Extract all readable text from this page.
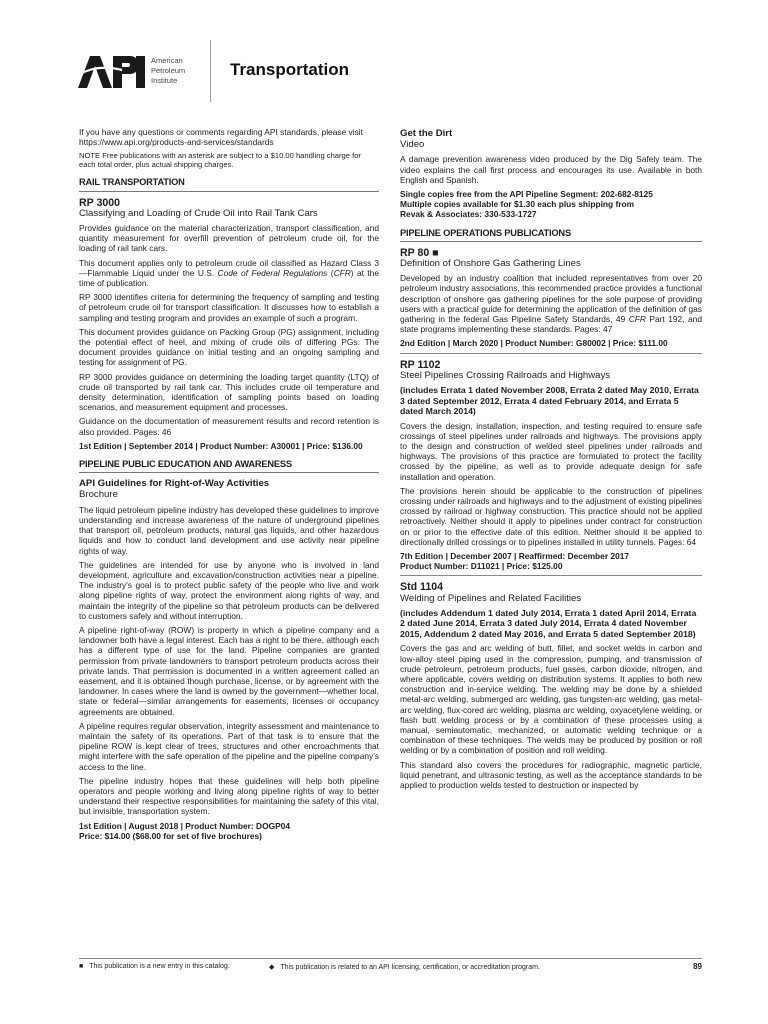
American
Petroleum
Institute
Transportation

If you have any questions or comments regarding API standards, please visit https://www.api.org/products-and-services/standards

NOTE Free publications with an asterisk are subject to a $10.00 handling charge for each total order, plus actual shipping charges.

RAIL TRANSPORTATION
RP 3000
Classifying and Loading of Crude Oil into Rail Tank Cars

Provides guidance on the material characterization, transport classification, and quantity measurement for overfill prevention of petroleum crude oil, for the loading of rail tank cars.

This document applies only to petroleum crude oil classified as Hazard Class 3—Flammable Liquid under the U.S. Code of Federal Regulations (CFR) at the time of publication.

RP 3000 identifies criteria for determining the frequency of sampling and testing of petroleum crude oil for transport classification. It discusses how to establish a sampling and testing program and provides an example of such a program.

This document provides guidance on Packing Group (PG) assignment, including the potential effect of heel, and mixing of crude oils of differing PGs. The document provides guidance on initial testing and an ongoing sampling and testing for assignment of PG.

RP 3000 provides guidance on determining the loading target quantity (LTQ) of crude oil transported by rail tank car. This includes crude oil temperature and density determination, identification of sampling points based on loading scenarios, and measurement equipment and processes.

Guidance on the documentation of measurement results and record retention is also provided. Pages: 46

1st Edition | September 2014 | Product Number: A30001 | Price: $136.00
PIPELINE PUBLIC EDUCATION AND AWARENESS
API Guidelines for Right-of-Way Activities
Brochure

The liquid petroleum pipeline industry has developed these guidelines to improve understanding and increase awareness of the nature of underground pipelines that transport oil, petroleum products, natural gas liquids, and other hazardous liquids and how to conduct land development and use activity near pipeline rights of way.

The guidelines are intended for use by anyone who is involved in land development, agriculture and excavation/construction activities near a pipeline. The industry's goal is to protect public safety of the people who live and work along pipeline rights of way, protect the environment along rights of way, and maintain the integrity of the pipeline so that petroleum products can be delivered to customers safely and without interruption.

A pipeline right-of-way (ROW) is property in which a pipeline company and a landowner both have a legal interest. Each has a right to be there, although each has a different type of use for the land. Pipeline companies are granted permission from private landowners to transport petroleum products across their private lands. That permission is documented in a written agreement called an easement, and it is obtained though purchase, license, or by agreement with the landowner. In cases where the land is owned by the government—whether local, state or federal—similar arrangements for easements, licenses or occupancy agreements are obtained.

A pipeline requires regular observation, integrity assessment and maintenance to maintain the safety of its operations. Part of that task is to ensure that the pipeline ROW is kept clear of trees, structures and other encroachments that might interfere with the safe operation of the pipeline and the pipeline company's access to the line.

The pipeline industry hopes that these guidelines will help both pipeline operators and people working and living along pipeline rights of way to better understand their respective responsibilities for maintaining the safety of this vital, but invisible, transportation system.

1st Edition | August 2018 | Product Number: DOGP04
Price: $14.00 ($68.00 for set of five brochures)
Get the Dirt
Video

A damage prevention awareness video produced by the Dig Safely team. The video explains the call first process and encourages its use. Available in both English and Spanish.

Single copies free from the API Pipeline Segment: 202-682-8125
Multiple copies available for $1.30 each plus shipping from
Revak & Associates: 330-533-1727
PIPELINE OPERATIONS PUBLICATIONS
RP 80 ■
Definition of Onshore Gas Gathering Lines

Developed by an industry coalition that included representatives from over 20 petroleum industry associations, this recommended practice provides a functional description of onshore gas gathering pipelines for the sole purpose of providing users with a practical guide for determining the application of the definition of gas gathering in the federal Gas Pipeline Safety Standards, 49 CFR Part 192, and state programs implementing these standards. Pages: 47

2nd Edition | March 2020 | Product Number: G80002 | Price: $111.00
RP 1102
Steel Pipelines Crossing Railroads and Highways
(includes Errata 1 dated November 2008, Errata 2 dated May 2010, Errata 3 dated September 2012, Errata 4 dated February 2014, and Errata 5 dated March 2014)

Covers the design, installation, inspection, and testing required to ensure safe crossings of steel pipelines under railroads and highways. The provisions apply to the design and construction of welded steel pipelines under railroads and highways. The provisions of this practice are formulated to protect the facility crossed by the pipeline, as well as to provide adequate design for safe installation and operation.

The provisions herein should be applicable to the construction of pipelines crossing under railroads and highways and to the adjustment of existing pipelines crossed by railroad or highway construction. This practice should not be applied retroactively. Neither should it apply to pipelines under contract for construction on or prior to the effective date of this edition. Neither should it be applied to directionally drilled crossings or to pipelines installed in utility tunnels. Pages: 64

7th Edition | December 2007 | Reaffirmed: December 2017
Product Number: D11021 | Price: $125.00
Std 1104
Welding of Pipelines and Related Facilities
(includes Addendum 1 dated July 2014, Errata 1 dated April 2014, Errata 2 dated June 2014, Errata 3 dated July 2014, Errata 4 dated November 2015, Addendum 2 dated May 2016, and Errata 5 dated September 2018)

Covers the gas and arc welding of butt, fillet, and socket welds in carbon and low-alloy steel piping used in the compression, pumping, and transmission of crude petroleum, petroleum products, fuel gases, carbon dioxide, nitrogen, and where applicable, covers welding on distribution systems. It applies to both new construction and in-service welding. The welding may be done by a shielded metal-arc welding, submerged arc welding, gas tungsten-arc welding, gas metal-arc welding, flux-cored arc welding, plasma arc welding, oxyacetylene welding, or flash butt welding process or by a combination of these processes using a manual, semiautomatic, mechanized, or automatic welding technique or a combination of these techniques. The welds may be produced by position or roll welding or by a combination of position and roll welding.

This standard also covers the procedures for radiographic, magnetic particle, liquid penetrant, and ultrasonic testing, as well as the acceptance standards to be applied to production welds tested to destruction or inspected by

■ This publication is a new entry in this catalog.	◆ This publication is related to an API licensing, certification, or accreditation program.	89
